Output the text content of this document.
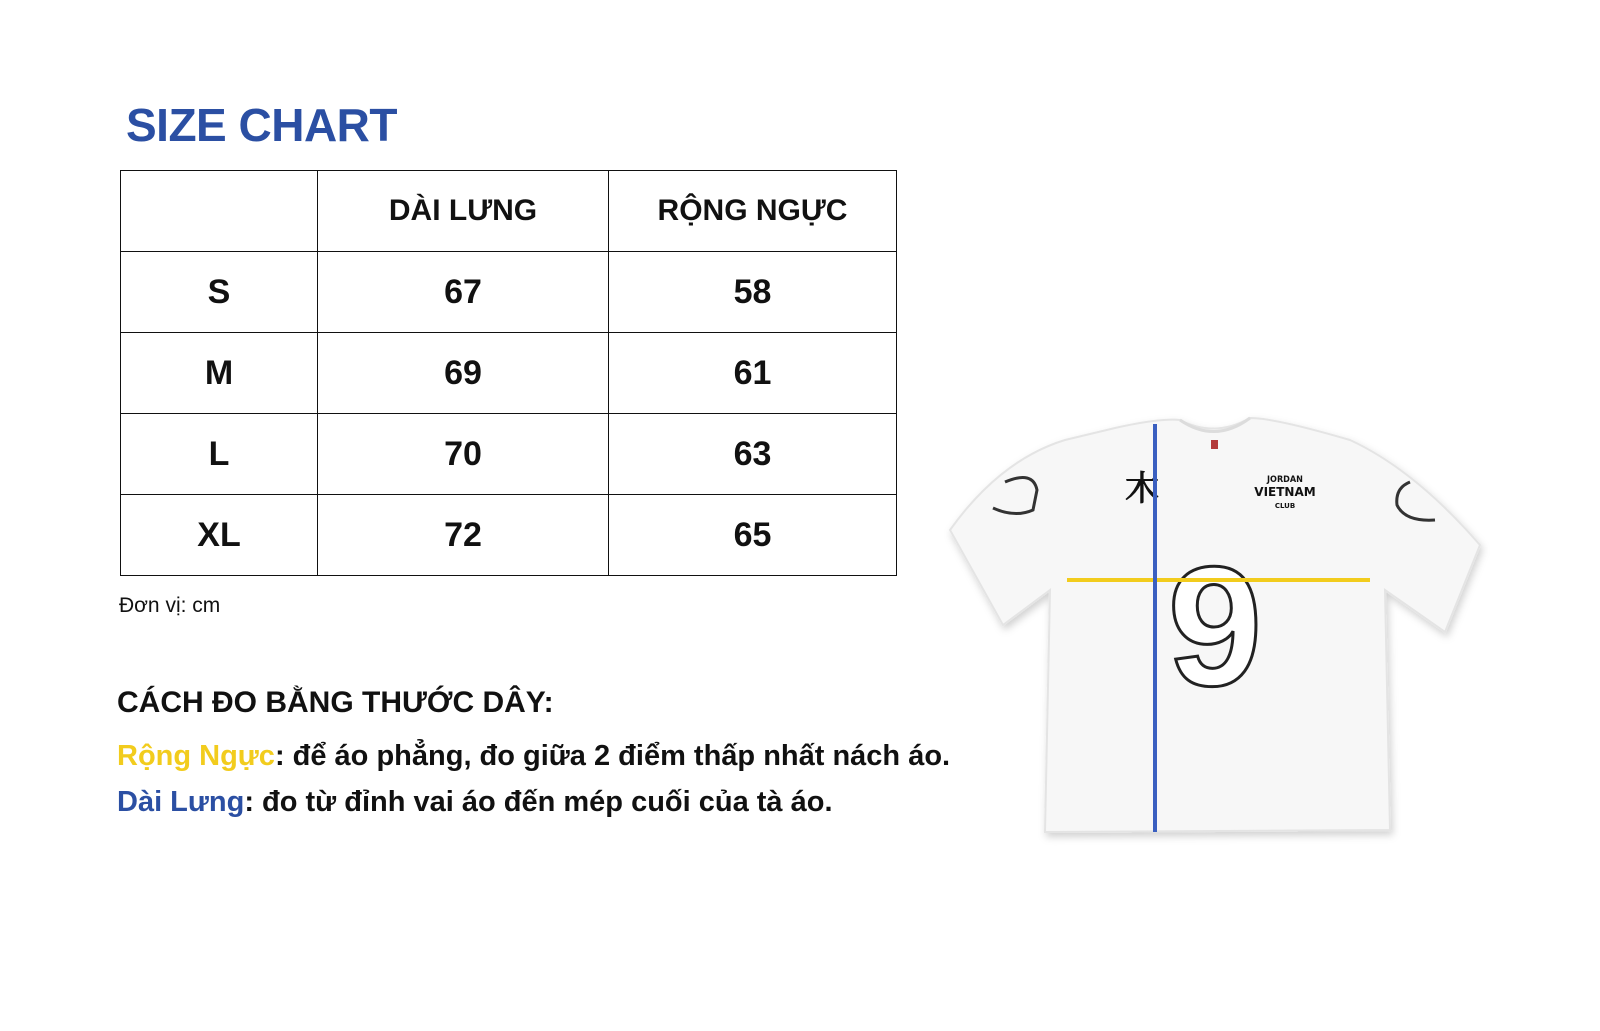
SIZE CHART
	DÀI LƯNG	RỘNG NGỰC
S	67	58
M	69	61
L	70	63
XL	72	65
Đơn vị: cm
CÁCH ĐO BẰNG THƯỚC DÂY:
Rộng Ngực: để áo phẳng, đo giữa 2 điểm thấp nhất nách áo.
Dài Lưng: đo từ đỉnh vai áo đến mép cuối của tà áo.
木	JORDAN
VIETNAM
CLUB
9
